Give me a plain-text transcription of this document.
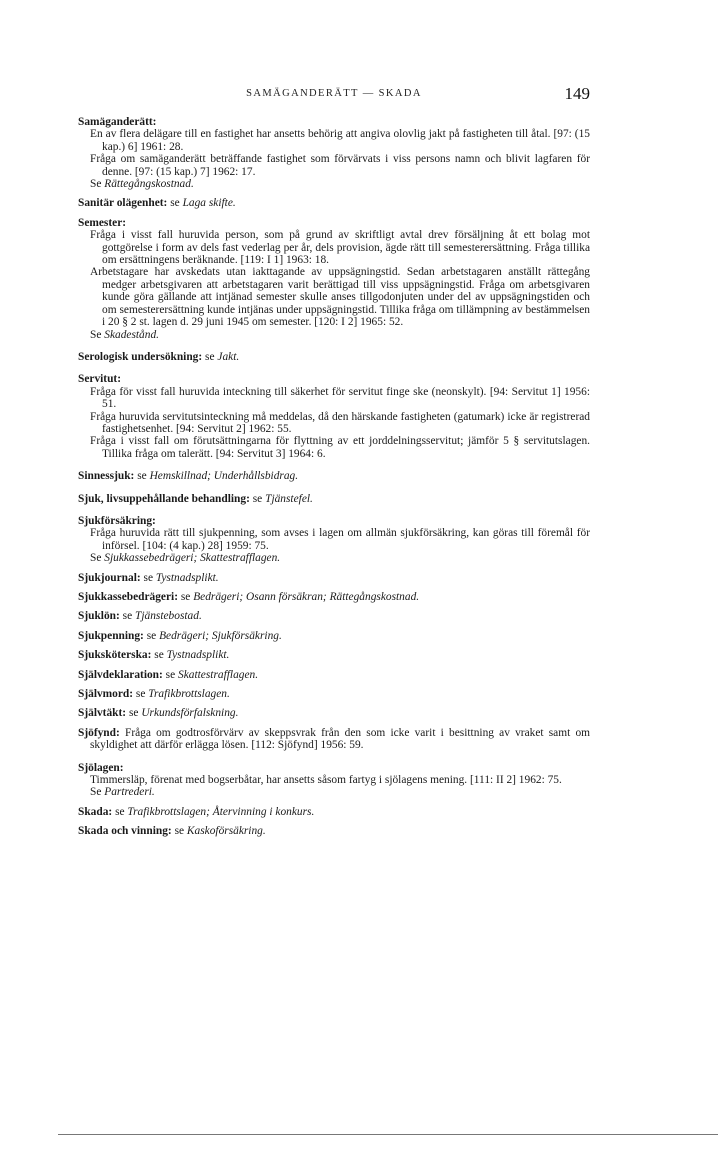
SAMÄGANDERÄTT — SKADA	149
Samäganderätt:
En av flera delägare till en fastighet har ansetts behörig att angiva olovlig jakt på fastigheten till åtal. [97: (15 kap.) 6] 1961: 28.
Fråga om samäganderätt beträffande fastighet som förvärvats i viss persons namn och blivit lagfaren för denne. [97: (15 kap.) 7] 1962: 17.
Se Rättegångskostnad.
Sanitär olägenhet: se Laga skifte.
Semester:
Fråga i visst fall huruvida person, som på grund av skriftligt avtal drev försäljning åt ett bolag mot gottgörelse i form av dels fast vederlag per år, dels provision, ägde rätt till semesterersättning. Fråga tillika om ersättningens beräknande. [119: I 1] 1963: 18.
Arbetstagare har avskedats utan iakttagande av uppsägningstid. Sedan arbetstagaren anställt rättegång medger arbetsgivaren att arbetstagaren varit berättigad till viss uppsägningstid. Fråga om arbetsgivaren kunde göra gällande att intjänad semester skulle anses tillgodonjuten under del av uppsägningstiden och om semesterersättning kunde intjänas under uppsägningstid. Tillika fråga om tillämpning av bestämmelsen i 20 § 2 st. lagen d. 29 juni 1945 om semester. [120: I 2] 1965: 52.
Se Skadestånd.
Serologisk undersökning: se Jakt.
Servitut:
Fråga för visst fall huruvida inteckning till säkerhet för servitut finge ske (neonskylt). [94: Servitut 1] 1956: 51.
Fråga huruvida servitutsinteckning må meddelas, då den härskande fastigheten (gatumark) icke är registrerad fastighetsenhet. [94: Servitut 2] 1962: 55.
Fråga i visst fall om förutsättningarna för flyttning av ett jorddelningsservitut; jämför 5 § servitutslagen. Tillika fråga om talerätt. [94: Servitut 3] 1964: 6.
Sinnessjuk: se Hemskillnad; Underhållsbidrag.
Sjuk, livsuppehållande behandling: se Tjänstefel.
Sjukförsäkring:
Fråga huruvida rätt till sjukpenning, som avses i lagen om allmän sjukförsäkring, kan göras till föremål för införsel. [104: (4 kap.) 28] 1959: 75.
Se Sjukkassebedrägeri; Skattestrafflagen.
Sjukjournal: se Tystnadsplikt.
Sjukkassebedrägeri: se Bedrägeri; Osann försäkran; Rättegångskostnad.
Sjuklön: se Tjänstebostad.
Sjukpenning: se Bedrägeri; Sjukförsäkring.
Sjuksköterska: se Tystnadsplikt.
Självdeklaration: se Skattestrafflagen.
Självmord: se Trafikbrottslagen.
Självtäkt: se Urkundsförfalskning.
Sjöfynd: Fråga om godtrosförvärv av skeppsvrak från den som icke varit i besittning av vraket samt om skyldighet att därför erlägga lösen. [112: Sjöfynd] 1956: 59.
Sjölagen:
Timmersläp, förenat med bogserbåtar, har ansetts såsom fartyg i sjölagens mening. [111: II 2] 1962: 75.
Se Partrederi.
Skada: se Trafikbrottslagen; Återvinning i konkurs.
Skada och vinning: se Kaskoförsäkring.
